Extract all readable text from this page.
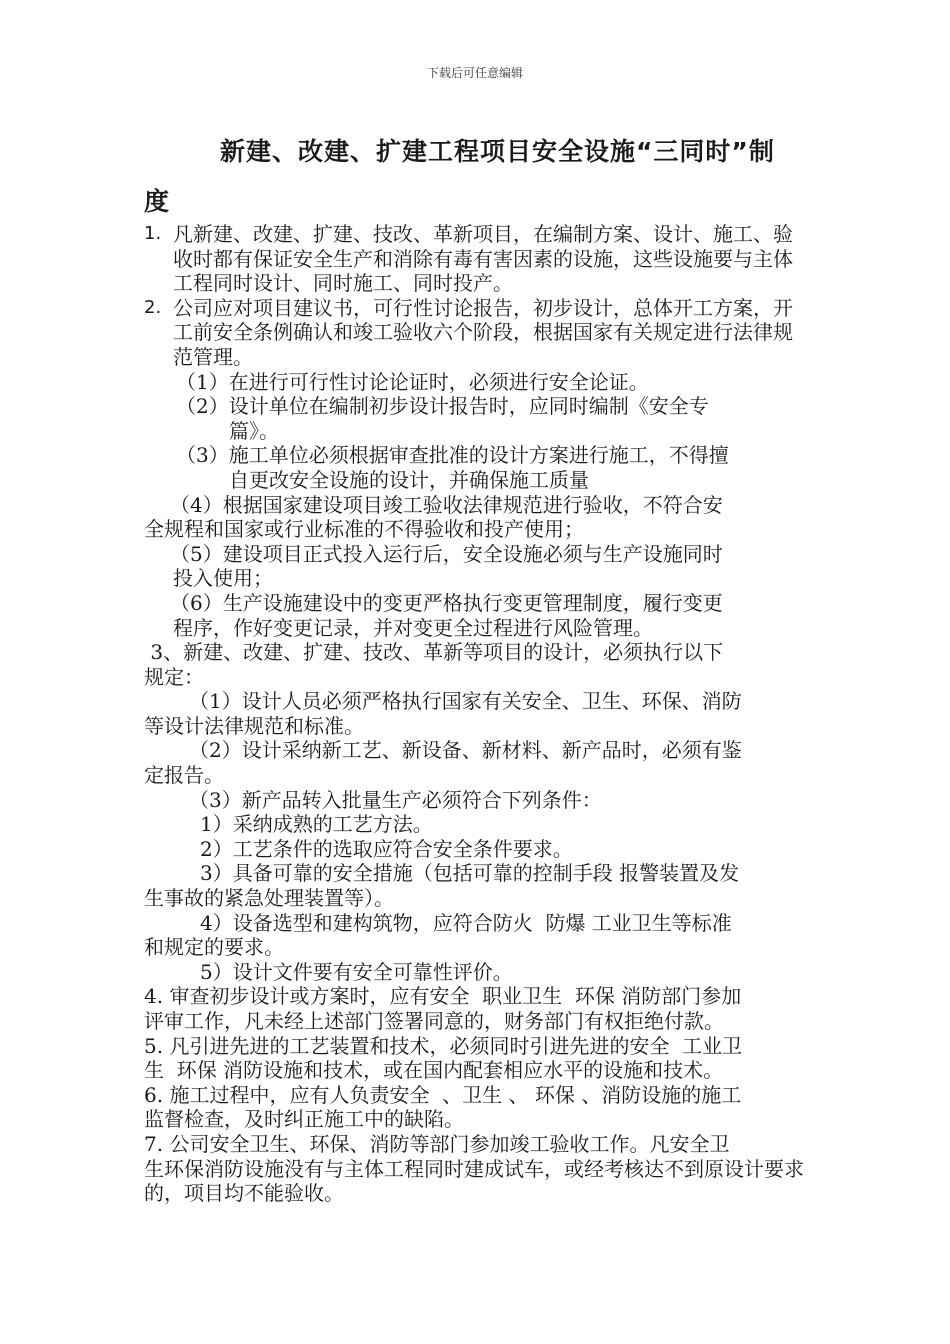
下载后可任意编辑
新建、改建、扩建工程项目安全设施“三同时”制
度
1. 凡新建、改建、扩建、技改、革新项目，在编制方案、设计、施工、验收时都有保证安全生产和消除有毒有害因素的设施，这些设施要与主体工程同时设计、同时施工、同时投产。
2. 公司应对项目建议书，可行性讨论报告，初步设计，总体开工方案，开工前安全条例确认和竣工验收六个阶段，根据国家有关规定进行法律规范管理。
（1）在进行可行性讨论论证时，必须进行安全论证。
（2）设计单位在编制初步设计报告时，应同时编制《安全专
篇》。
（3）施工单位必须根据审查批准的设计方案进行施工，不得擅
自更改安全设施的设计，并确保施工质量
（4）根据国家建设项目竣工验收法律规范进行验收，不符合安
全规程和国家或行业标准的不得验收和投产使用；
（5）建设项目正式投入运行后，安全设施必须与生产设施同时
投入使用；
（6）生产设施建设中的变更严格执行变更管理制度，履行变更
程序，作好变更记录，并对变更全过程进行风险管理。
3、新建、改建、扩建、技改、革新等项目的设计，必须执行以下
规定：
（1）设计人员必须严格执行国家有关安全、卫生、环保、消防
等设计法律规范和标准。
（2）设计采纳新工艺、新设备、新材料、新产品时，必须有鉴
定报告。
（3）新产品转入批量生产必须符合下列条件：
1）采纳成熟的工艺方法。
2）工艺条件的选取应符合安全条件要求。
3）具备可靠的安全措施（包括可靠的控制手段 报警装置及发
生事故的紧急处理装置等）。
4）设备选型和建构筑物，应符合防火  防爆 工业卫生等标准
和规定的要求。
5）设计文件要有安全可靠性评价。
4. 审查初步设计或方案时，应有安全  职业卫生  环保 消防部门参加
评审工作，凡未经上述部门签署同意的，财务部门有权拒绝付款。
5. 凡引进先进的工艺装置和技术，必须同时引进先进的安全  工业卫
生  环保 消防设施和技术，或在国内配套相应水平的设施和技术。
6. 施工过程中，应有人负责安全  、卫生 、 环保 、消防设施的施工
监督检查，及时纠正施工中的缺陷。
7. 公司安全卫生、环保、消防等部门参加竣工验收工作。凡安全卫
生环保消防设施没有与主体工程同时建成试车，或经考核达不到原设计要求的，项目均不能验收。
